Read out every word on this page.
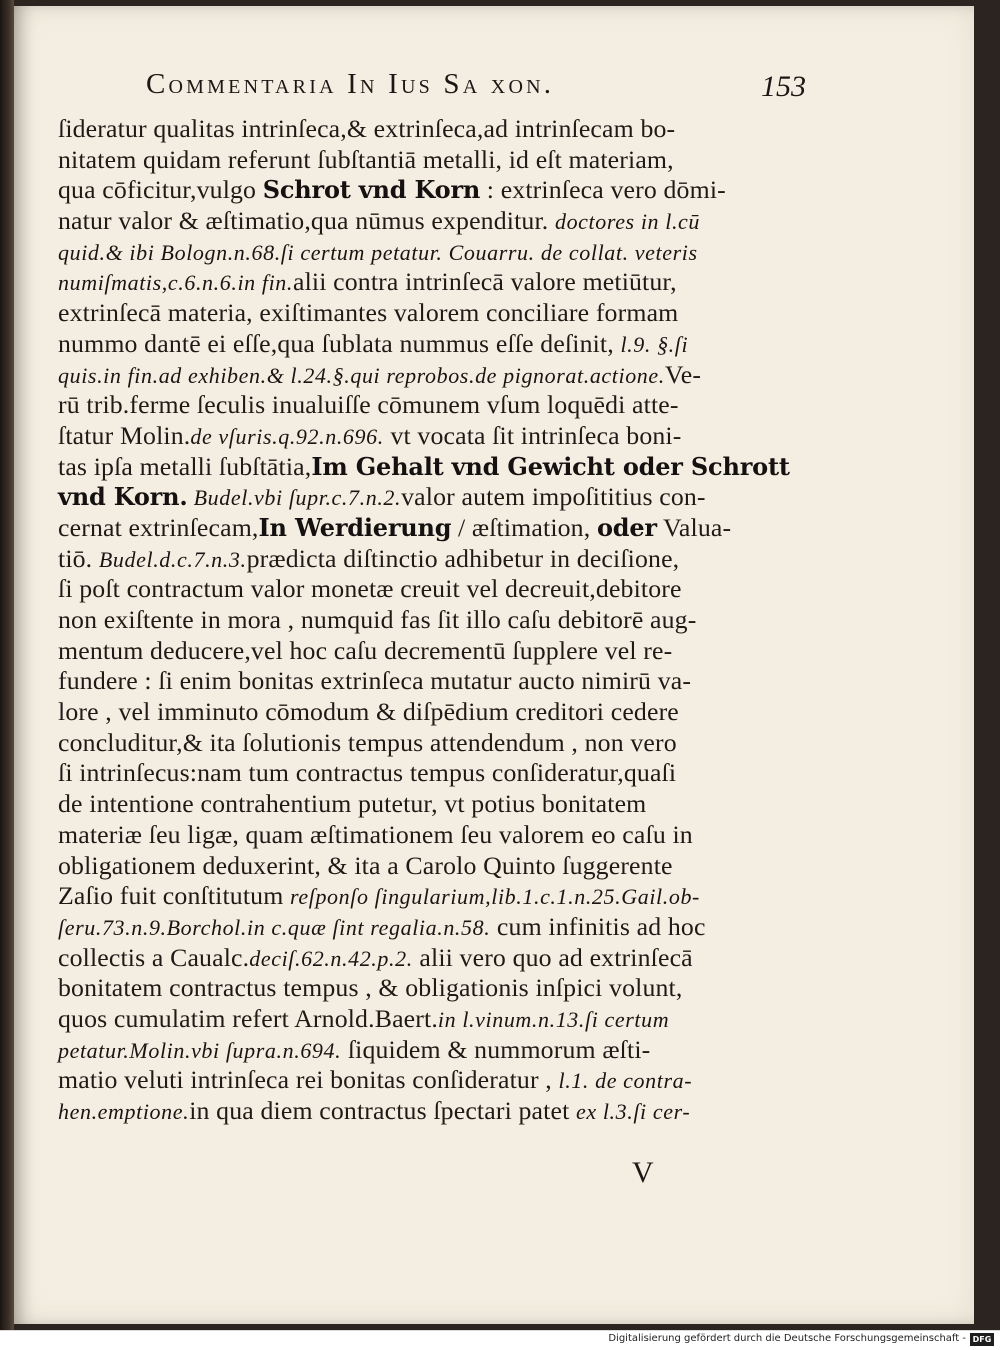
Commentaria In Ius Sa xon.	153
ſideratur qualitas intrinſeca,& extrinſeca,ad intrinſecam bo-
nitatem quidam referunt ſubſtantiā metalli, id eſt materiam,
qua cōficitur,vulgo Schrot vnd Korn : extrinſeca vero dōmi-
natur valor & æſtimatio,qua nūmus expenditur. doctores in l.cū
quid.& ibi Bologn.n.68.ſi certum petatur. Couarru. de collat. veteris
numiſmatis,c.6.n.6.in fin.alii contra intrinſecā valore metiūtur,
extrinſecā materia, exiſtimantes valorem conciliare formam
nummo dantē ei eſſe,qua ſublata nummus eſſe deſinit, l.9. §.ſi
quis.in fin.ad exhiben.& l.24.§.qui reprobos.de pignorat.actione.Ve-
rū trib.ferme ſeculis inualuiſſe cōmunem vſum loquēdi atte-
ſtatur Molin.de vſuris.q.92.n.696. vt vocata ſit intrinſeca boni-
tas ipſa metalli ſubſtātia,Im Gehalt vnd Gewicht oder Schrott
vnd Korn. Budel.vbi ſupr.c.7.n.2.valor autem impoſititius con-
cernat extrinſecam,In Werdierung / æſtimation, oder Valua-
tiō. Budel.d.c.7.n.3.prædicta diſtinctio adhibetur in deciſione,
ſi poſt contractum valor monetæ creuit vel decreuit,debitore
non exiſtente in mora , numquid fas ſit illo caſu debitorē aug-
mentum deducere,vel hoc caſu decrementū ſupplere vel re-
fundere : ſi enim bonitas extrinſeca mutatur aucto nimirū va-
lore , vel imminuto cōmodum & diſpēdium creditori cedere
concluditur,& ita ſolutionis tempus attendendum , non vero
ſi intrinſecus:nam tum contractus tempus conſideratur,quaſi
de intentione contrahentium putetur, vt potius bonitatem
materiæ ſeu ligæ, quam æſtimationem ſeu valorem eo caſu in
obligationem deduxerint, & ita a Carolo Quinto ſuggerente
Zaſio fuit conſtitutum reſponſo ſingularium,lib.1.c.1.n.25.Gail.ob-
ſeru.73.n.9.Borchol.in c.quæ ſint regalia.n.58. cum infinitis ad hoc
collectis a Caualc.deciſ.62.n.42.p.2. alii vero quo ad extrinſecā
bonitatem contractus tempus , & obligationis inſpici volunt,
quos cumulatim refert Arnold.Baert.in l.vinum.n.13.ſi certum
petatur.Molin.vbi ſupra.n.694. ſiquidem & nummorum æſti-
matio veluti intrinſeca rei bonitas conſideratur , l.1. de contra-
hen.emptione.in qua diem contractus ſpectari patet ex l.3.ſi cer-
V
Digitalisierung gefördert durch die Deutsche Forschungsgemeinschaft - DFG
